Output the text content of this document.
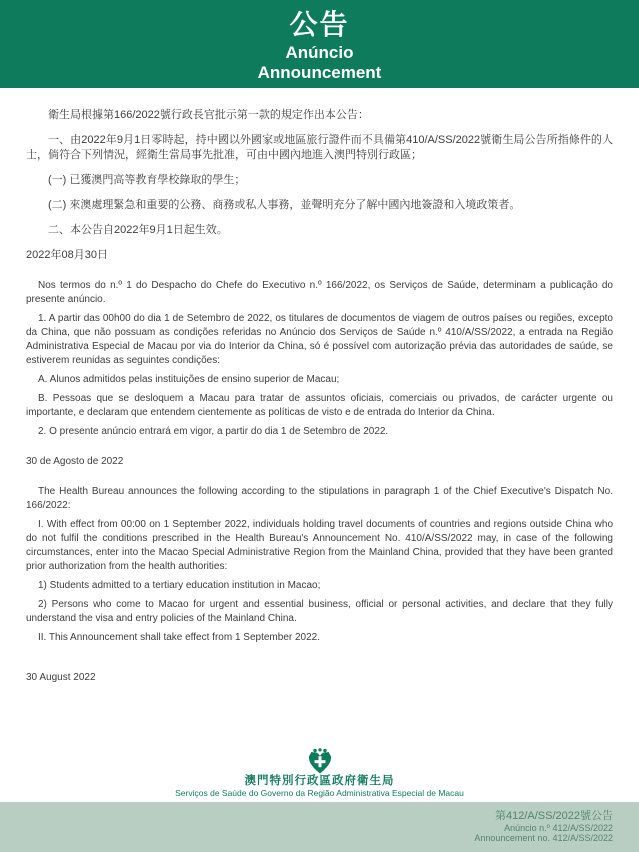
公告
Anúncio
Announcement

衛生局根據第166/2022號行政長官批示第一款的規定作出本公告：

一、由2022年9月1日零時起，持中國以外國家或地區旅行證件而不具備第410/A/SS/2022號衛生局公告所指條件的人士，倘符合下列情況，經衛生當局事先批准，可由中國內地進入澳門特別行政區；

(一) 已獲澳門高等教育學校錄取的學生；

(二) 來澳處理緊急和重要的公務、商務或私人事務，並聲明充分了解中國內地簽證和入境政策者。

二、本公告自2022年9月1日起生效。

2022年08月30日

Nos termos do n.º 1 do Despacho do Chefe do Executivo n.º 166/2022, os Serviços de Saúde, determinam a publicação do presente anúncio.

1. A partir das 00h00 do dia 1 de Setembro de 2022, os titulares de documentos de viagem de outros países ou regiões, excepto da China, que não possuam as condições referidas no Anúncio dos Serviços de Saúde n.º 410/A/SS/2022, a entrada na Região Administrativa Especial de Macau por via do Interior da China, só é possível com autorização prévia das autoridades de saúde, se estiverem reunidas as seguintes condições:

A. Alunos admitidos pelas instituições de ensino superior de Macau;

B. Pessoas que se desloquem a Macau para tratar de assuntos oficiais, comerciais ou privados, de carácter urgente ou importante, e declaram que entendem cientemente as políticas de visto e de entrada do Interior da China.

2. O presente anúncio entrará em vigor, a partir do dia 1 de Setembro de 2022.

30 de Agosto de 2022

The Health Bureau announces the following according to the stipulations in paragraph 1 of the Chief Executive's Dispatch No. 166/2022:

I. With effect from 00:00 on 1 September 2022, individuals holding travel documents of countries and regions outside China who do not fulfil the conditions prescribed in the Health Bureau's Announcement No. 410/A/SS/2022 may, in case of the following circumstances, enter into the Macao Special Administrative Region from the Mainland China, provided that they have been granted prior authorization from the health authorities:

1) Students admitted to a tertiary education institution in Macao;

2) Persons who come to Macao for urgent and essential business, official or personal activities, and declare that they fully understand the visa and entry policies of the Mainland China.

II. This Announcement shall take effect from 1 September 2022.

30 August 2022

澳門特別行政區政府衛生局
Serviços de Saúde do Governo da Região Administrativa Especial de Macau
第412/A/SS/2022號公告
Anúncio n.º 412/A/SS/2022
Announcement no. 412/A/SS/2022
